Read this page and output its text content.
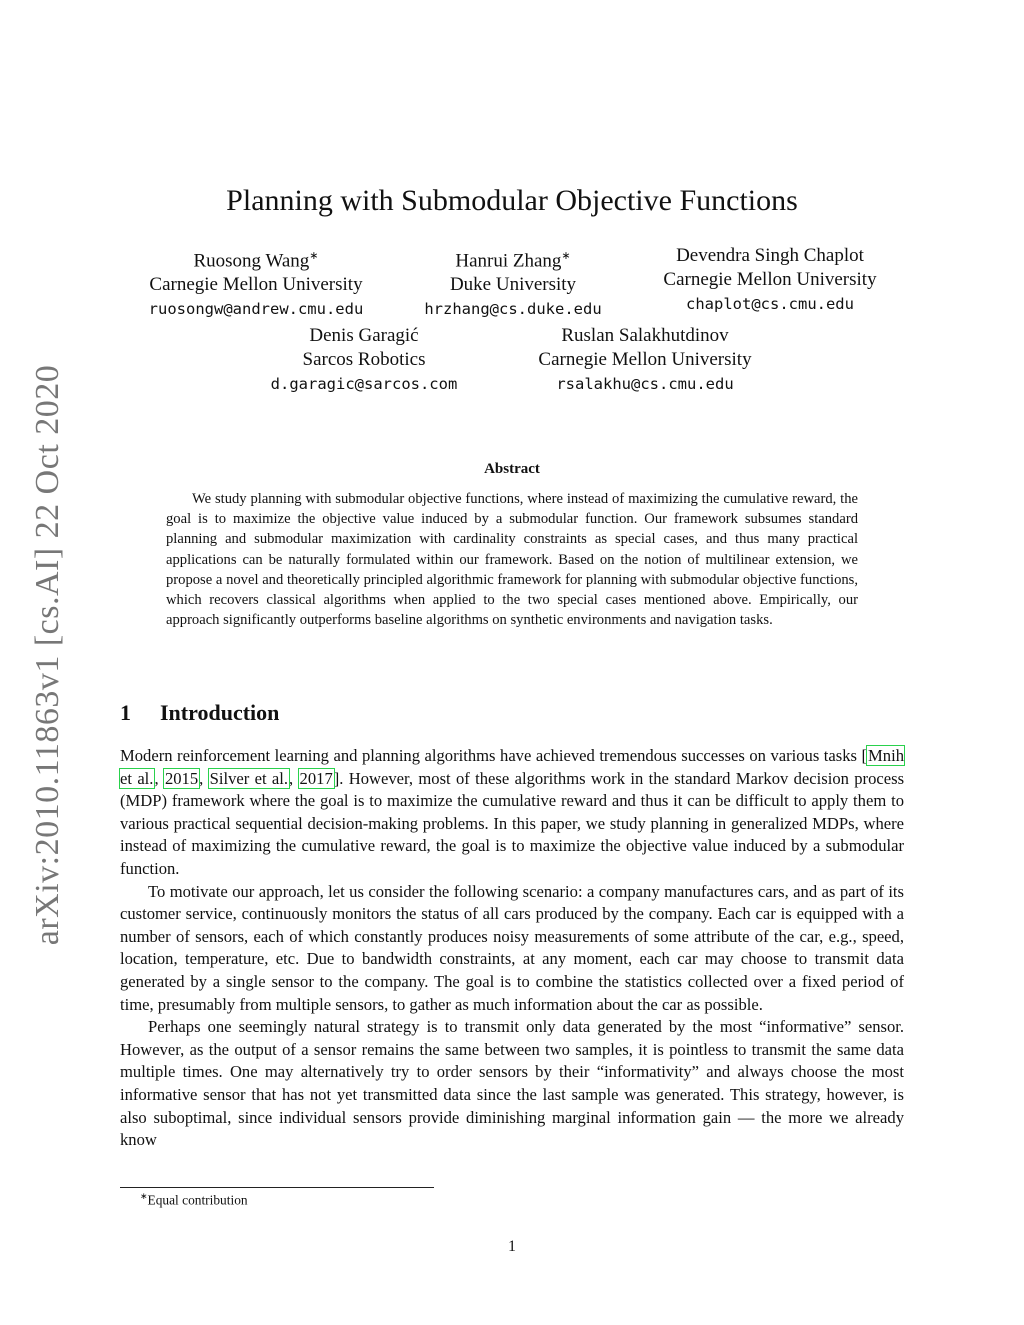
arXiv:2010.11863v1 [cs.AI] 22 Oct 2020
Planning with Submodular Objective Functions
Ruosong Wang∗
Carnegie Mellon University
ruosongw@andrew.cmu.edu
Hanrui Zhang∗
Duke University
hrzhang@cs.duke.edu
Devendra Singh Chaplot
Carnegie Mellon University
chaplot@cs.cmu.edu
Denis Garagić
Sarcos Robotics
d.garagic@sarcos.com
Ruslan Salakhutdinov
Carnegie Mellon University
rsalakhu@cs.cmu.edu
Abstract
We study planning with submodular objective functions, where instead of maximizing the cumulative reward, the goal is to maximize the objective value induced by a submodular function. Our framework subsumes standard planning and submodular maximization with cardinality constraints as special cases, and thus many practical applications can be naturally formulated within our framework. Based on the notion of multilinear extension, we propose a novel and theoretically principled algorithmic framework for planning with submodular objective functions, which recovers classical algorithms when applied to the two special cases mentioned above. Empirically, our approach significantly outperforms baseline algorithms on synthetic environments and navigation tasks.
1 Introduction

Modern reinforcement learning and planning algorithms have achieved tremendous successes on various tasks [Mnih et al., 2015, Silver et al., 2017]. However, most of these algorithms work in the standard Markov decision process (MDP) framework where the goal is to maximize the cumulative reward and thus it can be difficult to apply them to various practical sequential decision-making problems. In this paper, we study planning in generalized MDPs, where instead of maximizing the cumulative reward, the goal is to maximize the objective value induced by a submodular function.

To motivate our approach, let us consider the following scenario: a company manufactures cars, and as part of its customer service, continuously monitors the status of all cars produced by the company. Each car is equipped with a number of sensors, each of which constantly produces noisy measurements of some attribute of the car, e.g., speed, location, temperature, etc. Due to bandwidth constraints, at any moment, each car may choose to transmit data generated by a single sensor to the company. The goal is to combine the statistics collected over a fixed period of time, presumably from multiple sensors, to gather as much information about the car as possible.

Perhaps one seemingly natural strategy is to transmit only data generated by the most “informative” sensor. However, as the output of a sensor remains the same between two samples, it is pointless to transmit the same data multiple times. One may alternatively try to order sensors by their “informativity” and always choose the most informative sensor that has not yet transmitted data since the last sample was generated. This strategy, however, is also suboptimal, since individual sensors provide diminishing marginal information gain — the more we already know

∗Equal contribution
1
